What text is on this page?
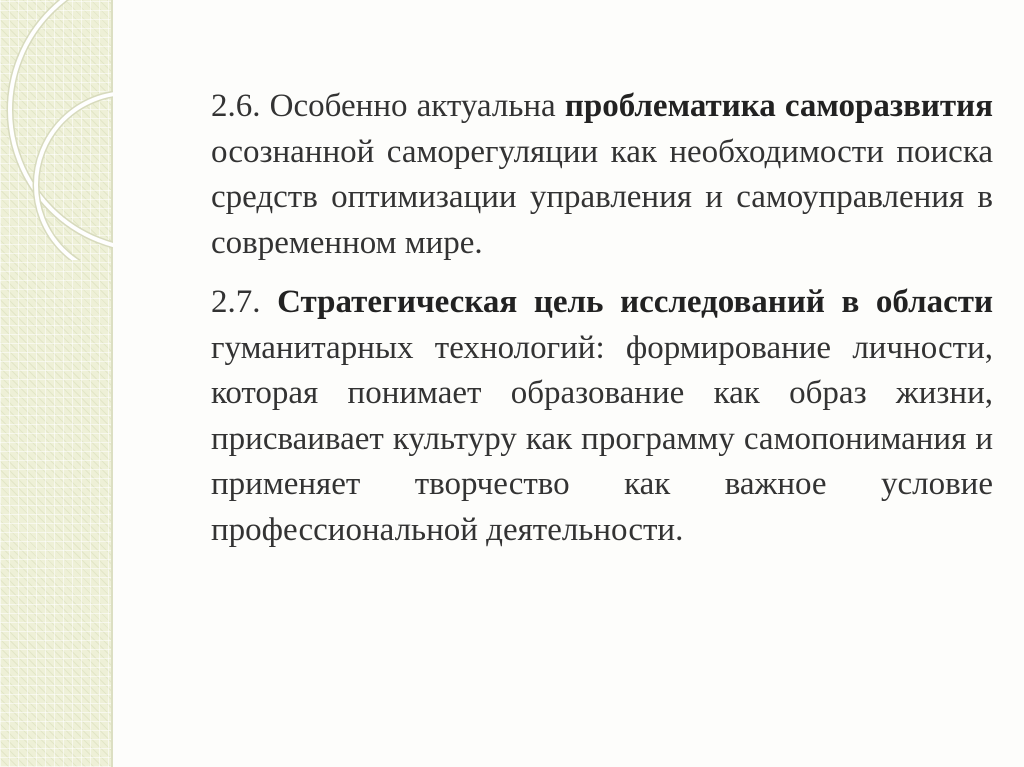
2.6. Особенно актуальна проблематика саморазвития осознанной саморегуляции как необходимости поиска средств оптимизации управления и самоуправления в современном мире.

2.7. Стратегическая цель исследований в области гуманитарных технологий: формирование личности, которая понимает образование как образ жизни, присваивает культуру как программу самопонимания и применяет творчество как важное условие профессиональной деятельности.
